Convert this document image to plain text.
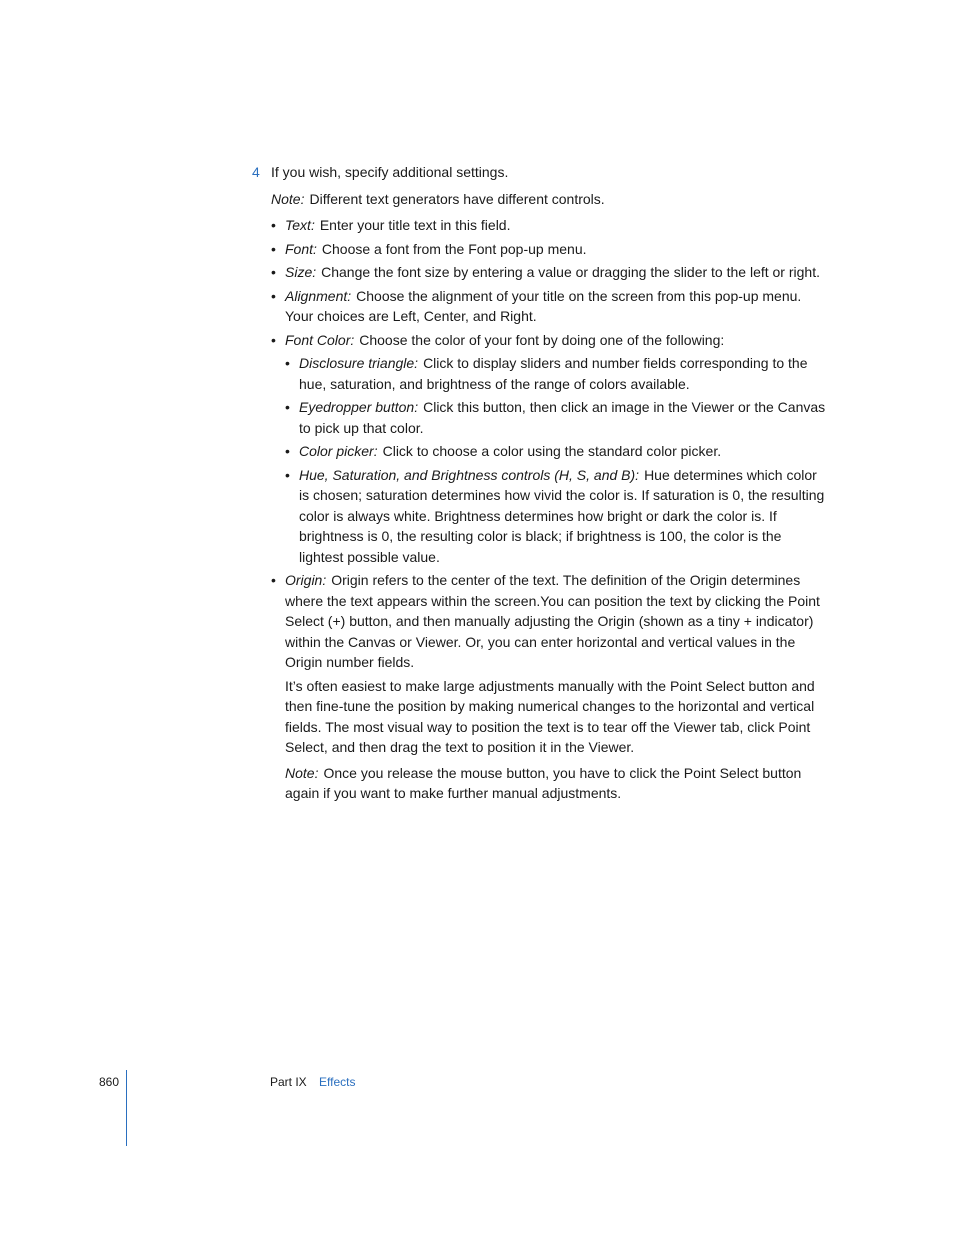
4 If you wish, specify additional settings.
Note: Different text generators have different controls.
• Text: Enter your title text in this field.
• Font: Choose a font from the Font pop-up menu.
• Size: Change the font size by entering a value or dragging the slider to the left or right.
• Alignment: Choose the alignment of your title on the screen from this pop-up menu. Your choices are Left, Center, and Right.
• Font Color: Choose the color of your font by doing one of the following:
• Disclosure triangle: Click to display sliders and number fields corresponding to the hue, saturation, and brightness of the range of colors available.
• Eyedropper button: Click this button, then click an image in the Viewer or the Canvas to pick up that color.
• Color picker: Click to choose a color using the standard color picker.
• Hue, Saturation, and Brightness controls (H, S, and B): Hue determines which color is chosen; saturation determines how vivid the color is. If saturation is 0, the resulting color is always white. Brightness determines how bright or dark the color is. If brightness is 0, the resulting color is black; if brightness is 100, the color is the lightest possible value.
• Origin: Origin refers to the center of the text. The definition of the Origin determines where the text appears within the screen.You can position the text by clicking the Point Select (+) button, and then manually adjusting the Origin (shown as a tiny + indicator) within the Canvas or Viewer. Or, you can enter horizontal and vertical values in the Origin number fields.

It’s often easiest to make large adjustments manually with the Point Select button and then fine-tune the position by making numerical changes to the horizontal and vertical fields. The most visual way to position the text is to tear off the Viewer tab, click Point Select, and then drag the text to position it in the Viewer.

Note: Once you release the mouse button, you have to click the Point Select button again if you want to make further manual adjustments.

860	Part IX Effects
